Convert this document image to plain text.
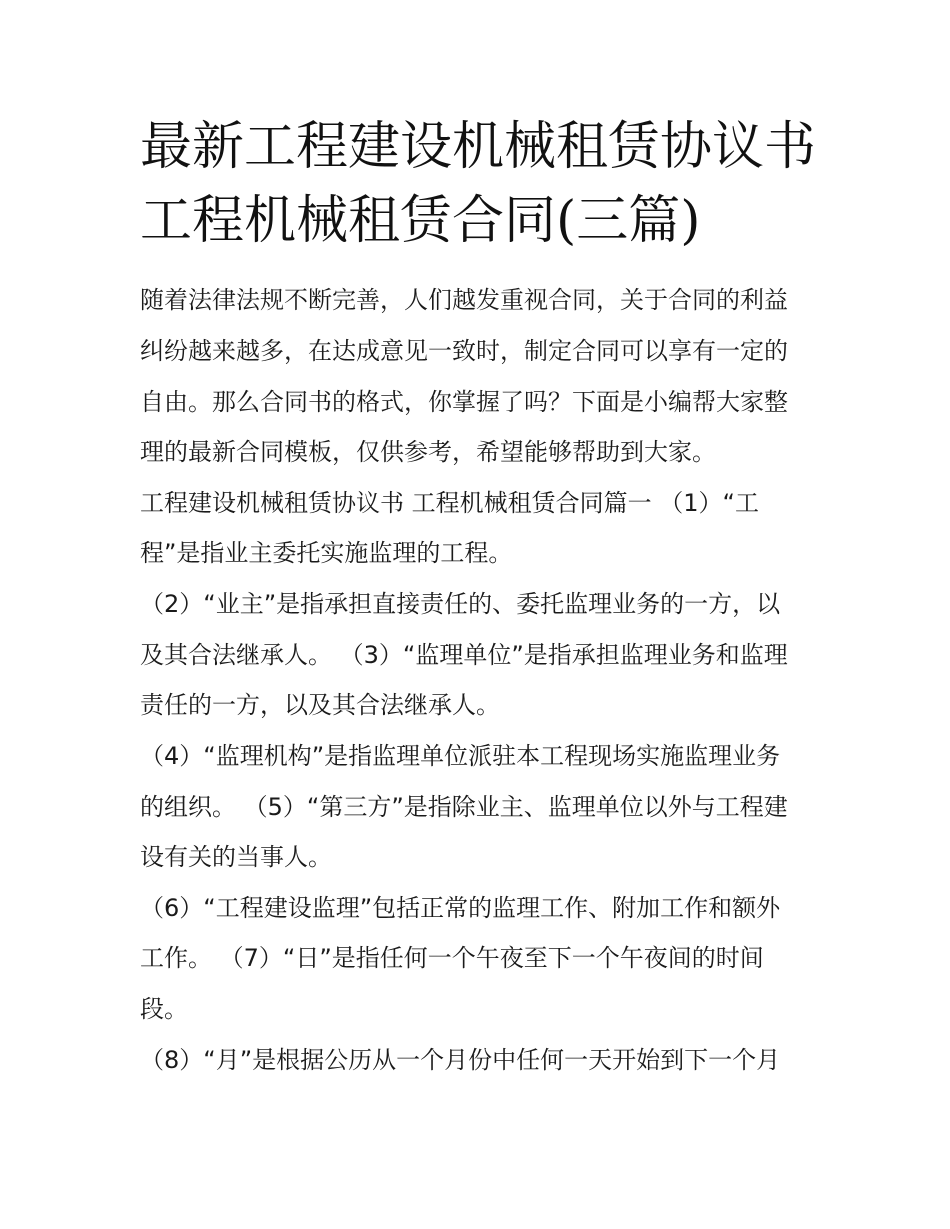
最新工程建设机械租赁协议书
工程机械租赁合同(三篇)

随着法律法规不断完善，人们越发重视合同，关于合同的利益

纠纷越来越多，在达成意见一致时，制定合同可以享有一定的

自由。那么合同书的格式，你掌握了吗？下面是小编帮大家整

理的最新合同模板，仅供参考，希望能够帮助到大家。

工程建设机械租赁协议书 工程机械租赁合同篇一 （1）“工

程”是指业主委托实施监理的工程。

（2）“业主”是指承担直接责任的、委托监理业务的一方，以

及其合法继承人。 （3）“监理单位”是指承担监理业务和监理

责任的一方，以及其合法继承人。

（4）“监理机构”是指监理单位派驻本工程现场实施监理业务

的组织。 （5）“第三方”是指除业主、监理单位以外与工程建

设有关的当事人。

（6）“工程建设监理”包括正常的监理工作、附加工作和额外

工作。 （7）“日”是指任何一个午夜至下一个午夜间的时间

段。

（8）“月”是根据公历从一个月份中任何一天开始到下一个月
